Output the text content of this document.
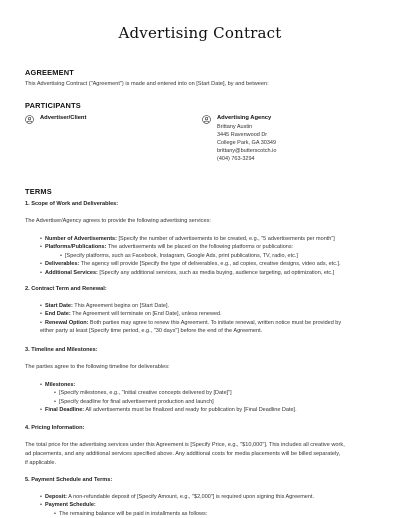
Advertising Contract
AGREEMENT
This Advertising Contract ("Agreement") is made and entered into on [Start Date], by and between:
PARTICIPANTS
Advertiser/Client	Advertising Agency
Brittany Austin
3445 Ravenwood Dr
College Park, GA 30349
brittany@butterscotch.io
(404) 763-3294
TERMS
1. Scope of Work and Deliverables:
The Advertiser/Agency agrees to provide the following advertising services:
• Number of Advertisements: [Specify the number of advertisements to be created, e.g., "5 advertisements per month"]
• Platforms/Publications: The advertisements will be placed on the following platforms or publications:
• [Specify platforms, such as Facebook, Instagram, Google Ads, print publications, TV, radio, etc.]
• Deliverables: The agency will provide [Specify the type of deliverables, e.g., ad copies, creative designs, video ads, etc.].
• Additional Services: [Specify any additional services, such as media buying, audience targeting, ad optimization, etc.]
2. Contract Term and Renewal:
• Start Date: This Agreement begins on [Start Date].
• End Date: The Agreement will terminate on [End Date], unless renewed.
• Renewal Option: Both parties may agree to renew this Agreement. To initiate renewal, written notice must be provided by
either party at least [Specify time period, e.g., "30 days"] before the end of the Agreement.
3. Timeline and Milestones:
The parties agree to the following timeline for deliverables:
• Milestones:
• [Specify milestones, e.g., "Initial creative concepts delivered by [Date]"]
• [Specify deadline for final advertisement production and launch]
• Final Deadline: All advertisements must be finalized and ready for publication by [Final Deadline Date].
4. Pricing Information:
The total price for the advertising services under this Agreement is [Specify Price, e.g., "$10,000"]. This includes all creative work,
ad placements, and any additional services specified above. Any additional costs for media placements will be billed separately,
if applicable.
5. Payment Schedule and Terms:
• Deposit: A non-refundable deposit of [Specify Amount, e.g., "$2,000"] is required upon signing this Agreement.
• Payment Schedule:
• The remaining balance will be paid in installments as follows:
